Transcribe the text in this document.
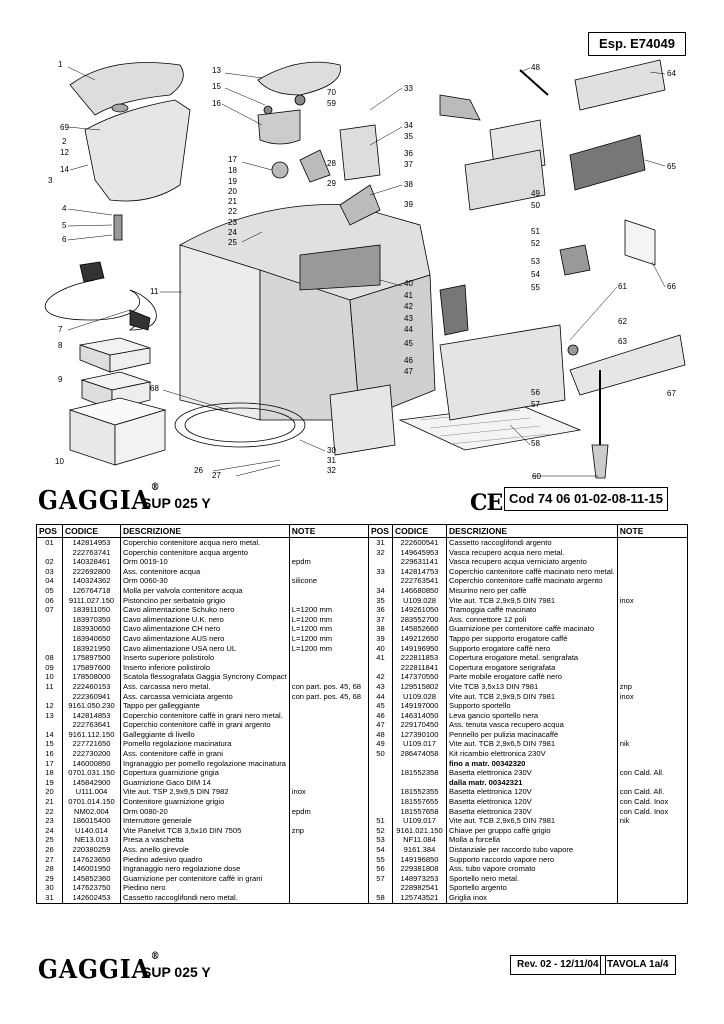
Esp. E74049
1
13
15
70
59
16
69
2
12
3
14
17
18
19
20
21
22
23
24
25
28
29
33
34
35
36
37
38
39
48
64
65
49
50
51
52
53
54
55
4
5
6
7
8
9
10
11
40
41
42
43
44
45
46
47
61
62
63
66
67
56
57
58
68
26
27
30
31
32
60
GAGGIA®
SUP 025 Y	CE Cod 74 06 01-02-08-11-15
POS	CODICE	DESCRIZIONE	NOTE
01	142814953	Coperchio contenitore acqua nero metal.	
	222763741	Coperchio contenitore acqua argento	
02	140328461	Orm 0019-10	epdm
03	222692800	Ass. contenitore acqua	
04	140324362	Orm 0060-30	silicone
05	126764718	Molla per valvola contenitore acqua	
06	9111.027.150	Pistoncino per serbatoio grigio	
07	183911050	Cavo alimentazione Schuko nero	L=1200 mm
	183970350	Cavo alimentazione U.K. nero	L=1200 mm
	183930650	Cavo alimentazione CH nero	L=1200 mm
	183940650	Cavo alimentazione AUS nero	L=1200 mm
	183921950	Cavo alimentazione USA nero UL	L=1200 mm
08	175897500	Inserto superiore polistirolo	
09	175897600	Inserto inferiore polistirolo	
10	178508000	Scatola flessografata Gaggia Syncrony Compact	
11	222460153	Ass. carcassa nero metal.	con part. pos. 45, 68
	222360941	Ass. carcassa verniciata argento	con part. pos. 45, 68
12	9161.050.230	Tappo per galleggiante	
13	142814853	Coperchio contenitore caffè in grani nero metal.	
	222763641	Coperchio contenitore caffè in grani argento	
14	9161.112.150	Galleggiante di livello	
15	227721650	Pomello regolazione macinatura	
16	222730200	Ass. contenitore caffè in grani	
17	146000850	Ingranaggio per pomello regolazione macinatura	
18	0701.031.150	Copertura guarnizione grigia	
19	145842900	Guarnizione Gaco DIM 14	
20	U111.004	Vite aut. TSP 2,9x9,5 DIN 7982	inox
21	0701.014.150	Contenitore guarnizione grigio	
22	NM02.004	Orm 0080-20	epdm
23	186015400	Interruttore generale	
24	U140.014	Vite Panelvit TCB 3,5x16 DIN 7505	znp
25	NE13.013	Presa a vaschetta	
26	220380259	Ass. anello girevole	
27	147623650	Piedino adesivo quadro	
28	146001950	Ingranaggio nero regolazione dose	
29	145852360	Guarnizione per contenitore caffè in grani	
30	147623750	Piedino nero	
31	142602453	Cassetto raccoglifondi nero metal.	
POS	CODICE	DESCRIZIONE	NOTE
31	222600541	Cassetto raccoglifondi argento	
32	149645953	Vasca recupero acqua nero metal.	
	229631141	Vasca recupero acqua verniciato argento	
33	142814753	Coperchio cantenitore caffè macinato nero metal.	
	222763541	Coperchio contenitore caffè macinato argento	
34	146680850	Misurino nero per caffè	
35	U109.028	Vite aut. TCB 2,9x9,5 DIN 7981	inox
36	149261050	Tramoggia caffè macinato	
37	283552700	Ass. connettore 12 poli	
38	145852660	Guarnizione per contenitore caffè macinato	
39	149212650	Tappo per supporto erogatore caffè	
40	149196950	Supporto erogatore caffè nero	
41	222811853	Copertura erogatore metal. serigrafata	
	222811841	Copertura erogatore serigrafata	
42	147370550	Parte mobile erogatore caffè nero	
43	129515802	Vite TCB 3,5x13 DIN 7981	znp
44	U109.028	Vite aut. TCB 2,9x9,5 DIN 7981	inox
45	149197000	Supporto sportello	
46	146314050	Leva gancio sportello nera	
47	229170450	Ass. tenuta vasca recupero acqua	
48	127390100	Pennello per pulizia macinacaffè	
49	U109.017	Vite aut. TCB 2,9x6,5 DIN 7981	nik
50	286474058	Kit ricambio elettronica 230V	
		fino a matr. 00342320	
	181552358	Basetta elettronica 230V	con Cald. All.
		dalla matr. 00342321	
	181552355	Basetta elettronica 120V	con Cald. All.
	181557655	Basetta elettronica 120V	con Cald. Inox
	181557658	Basetta elettronica 230V	con Cald. Inox
51	U109.017	Vite aut. TCB 2,9x6,5 DIN 7981	nik
52	9161.021.150	Chiave per gruppo caffè grigio	
53	NF11.084	Molla a forcella	
54	9161.384	Distanziale per raccordo tubo vapore	
55	149196850	Supporto raccordo vapore nero	
56	229381808	Ass. tubo vapore cromato	
57	148973253	Sportello nero metal.	
	228982541	Sportello argento	
58	125743521	Griglia inox	
GAGGIA®
SUP 025 Y	Rev. 02 - 12/11/04 TAVOLA 1a/4
